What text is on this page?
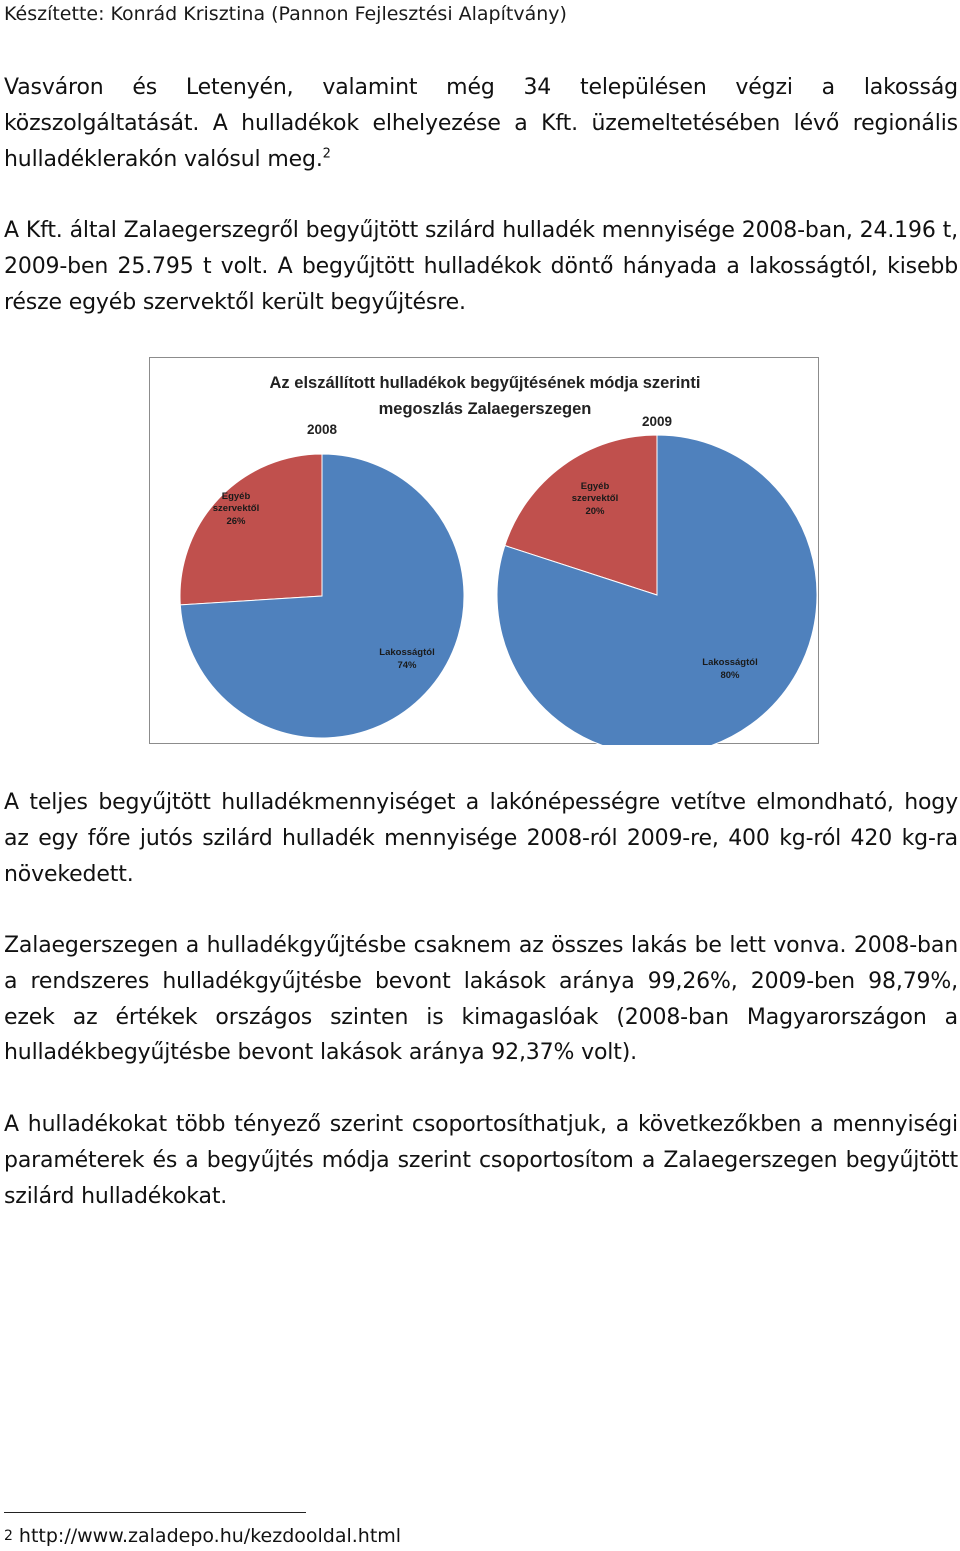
Készítette: Konrád Krisztina (Pannon Fejlesztési Alapítvány)
Vasváron és Letenyén, valamint még 34 településen végzi a lakosság közszolgáltatását. A hulladékok elhelyezése a Kft. üzemeltetésében lévő regionális hulladéklerakón valósul meg.$^2$
A Kft. által Zalaegerszegről begyűjtött szilárd hulladék mennyisége 2008-ban, 24.196 t, 2009-ben 25.795 t volt. A begyűjtött hulladékok döntő hányada a lakosságtól, kisebb része egyéb szervektől került begyűjtésre.
Az elszállított hulladékok begyűjtésének módja szerinti
megoszlás Zalaegerszegen
2008
2009
Egyéb
szervektől
26%
Lakosságtól
74%
Egyéb
szervektől
20%
Lakosságtól
80%
A teljes begyűjtött hulladékmennyiséget a lakónépességre vetítve elmondható, hogy az egy főre jutós szilárd hulladék mennyisége 2008-ról 2009-re, 400 kg-ról 420 kg-ra növekedett.
Zalaegerszegen a hulladékgyűjtésbe csaknem az összes lakás be lett vonva. 2008-ban a rendszeres hulladékgyűjtésbe bevont lakások aránya 99,26%, 2009-ben 98,79%, ezek az értékek országos szinten is kimagaslóak (2008-ban Magyarországon a hulladékbegyűjtésbe bevont lakások aránya 92,37% volt).
A hulladékokat több tényező szerint csoportosíthatjuk, a következőkben a mennyiségi paraméterek és a begyűjtés módja szerint csoportosítom a Zalaegerszegen begyűjtött szilárd hulladékokat.
$^2$ http://www.zaladepo.hu/kezdooldal.html
